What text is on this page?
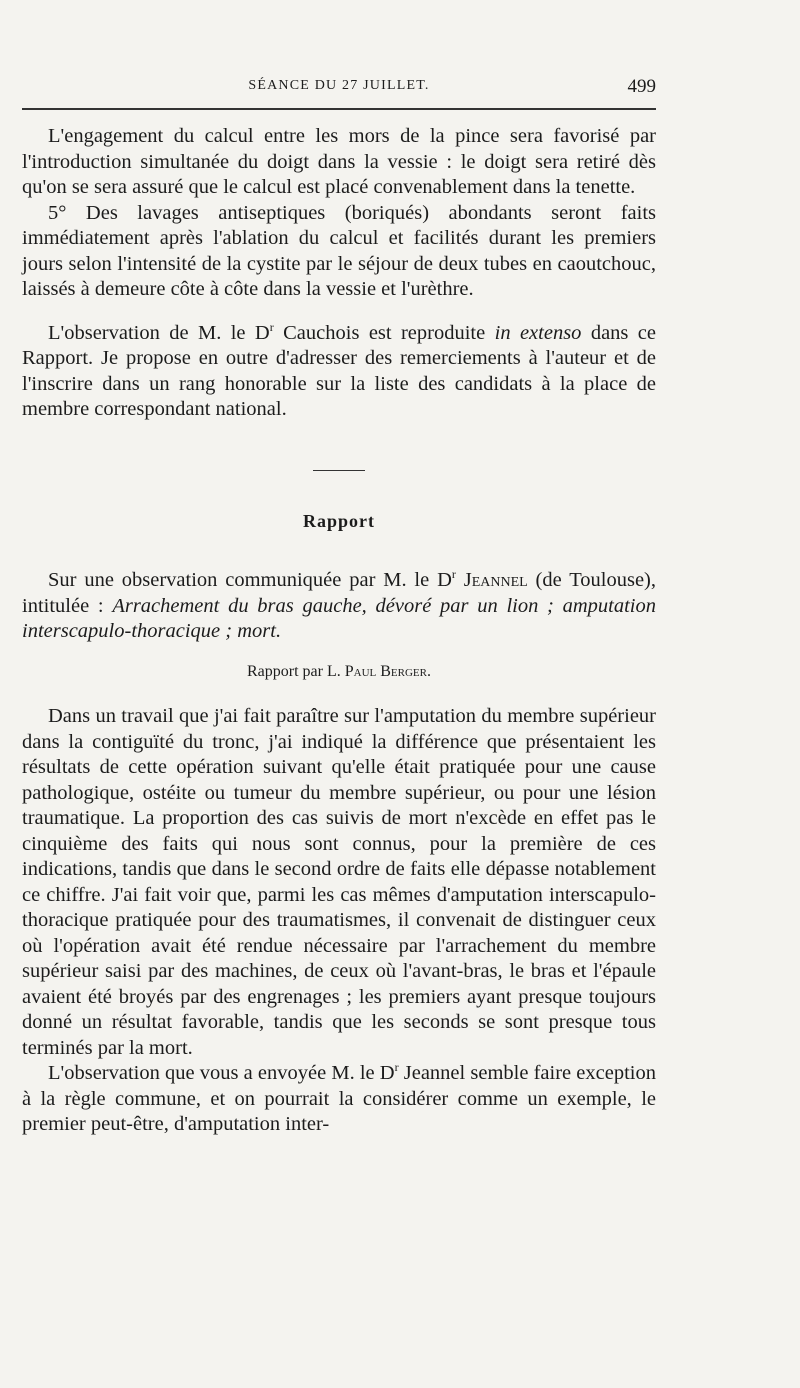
SÉANCE DU 27 JUILLET.	499

L'engagement du calcul entre les mors de la pince sera favorisé par l'introduction simultanée du doigt dans la vessie : le doigt sera retiré dès qu'on se sera assuré que le calcul est placé convenablement dans la tenette.

5° Des lavages antiseptiques (boriqués) abondants seront faits immédiatement après l'ablation du calcul et facilités durant les premiers jours selon l'intensité de la cystite par le séjour de deux tubes en caoutchouc, laissés à demeure côte à côte dans la vessie et l'urèthre.

L'observation de M. le $D^r$ Cauchois est reproduite in extenso dans ce Rapport. Je propose en outre d'adresser des remerciements à l'auteur et de l'inscrire dans un rang honorable sur la liste des candidats à la place de membre correspondant national.

Rapport

Sur une observation communiquée par M. le $D^r$ Jeannel (de Toulouse), intitulée : Arrachement du bras gauche, dévoré par un lion ; amputation interscapulo-thoracique ; mort.

Rapport par L. Paul Berger.

Dans un travail que j'ai fait paraître sur l'amputation du membre supérieur dans la contiguïté du tronc, j'ai indiqué la différence que présentaient les résultats de cette opération suivant qu'elle était pratiquée pour une cause pathologique, ostéite ou tumeur du membre supérieur, ou pour une lésion traumatique. La proportion des cas suivis de mort n'excède en effet pas le cinquième des faits qui nous sont connus, pour la première de ces indications, tandis que dans le second ordre de faits elle dépasse notablement ce chiffre. J'ai fait voir que, parmi les cas mêmes d'amputation interscapulo-thoracique pratiquée pour des traumatismes, il convenait de distinguer ceux où l'opération avait été rendue nécessaire par l'arrachement du membre supérieur saisi par des machines, de ceux où l'avant-bras, le bras et l'épaule avaient été broyés par des engrenages ; les premiers ayant presque toujours donné un résultat favorable, tandis que les seconds se sont presque tous terminés par la mort.

L'observation que vous a envoyée M. le $D^r$ Jeannel semble faire exception à la règle commune, et on pourrait la considérer comme un exemple, le premier peut-être, d'amputation inter-
